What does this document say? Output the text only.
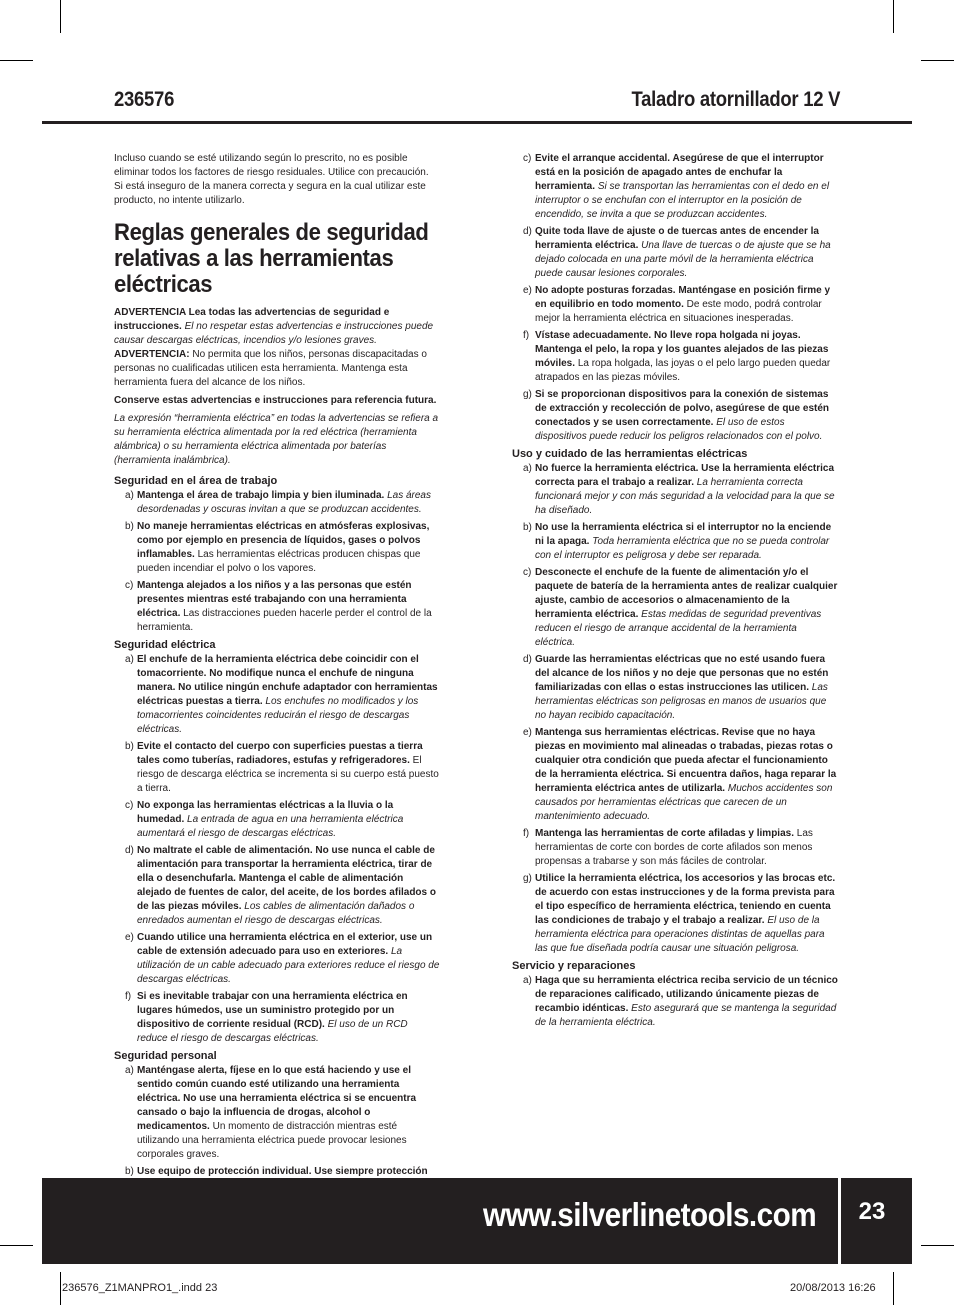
236576	Taladro atornillador 12 V

Incluso cuando se esté utilizando según lo prescrito, no es posible eliminar todos los factores de riesgo residuales. Utilice con precaución. Si está inseguro de la manera correcta y segura en la cual utilizar este producto, no intente utilizarlo.

Reglas generales de seguridad relativas a las herramientas eléctricas

ADVERTENCIA Lea todas las advertencias de seguridad e instrucciones. El no respetar estas advertencias e instrucciones puede causar descargas eléctricas, incendios y/o lesiones graves.

ADVERTENCIA: No permita que los niños, personas discapacitadas o personas no cualificadas utilicen esta herramienta. Mantenga esta herramienta fuera del alcance de los niños.

Conserve estas advertencias e instrucciones para referencia futura.

La expresión “herramienta eléctrica” en todas la advertencias se refiera a su herramienta eléctrica alimentada por la red eléctrica (herramienta alámbrica) o su herramienta eléctrica alimentada por baterías (herramienta inalámbrica).

Seguridad en el área de trabajo
a) Mantenga el área de trabajo limpia y bien iluminada. Las áreas desordenadas y oscuras invitan a que se produzcan accidentes.
b) No maneje herramientas eléctricas en atmósferas explosivas, como por ejemplo en presencia de líquidos, gases o polvos inflamables. Las herramientas eléctricas producen chispas que pueden incendiar el polvo o los vapores.
c) Mantenga alejados a los niños y a las personas que estén presentes mientras esté trabajando con una herramienta eléctrica. Las distracciones pueden hacerle perder el control de la herramienta.
Seguridad eléctrica
a) El enchufe de la herramienta eléctrica debe coincidir con el tomacorriente. No modifique nunca el enchufe de ninguna manera. No utilice ningún enchufe adaptador con herramientas eléctricas puestas a tierra. Los enchufes no modificados y los tomacorrientes coincidentes reducirán el riesgo de descargas eléctricas.
b) Evite el contacto del cuerpo con superficies puestas a tierra tales como tuberías, radiadores, estufas y refrigeradores. El riesgo de descarga eléctrica se incrementa si su cuerpo está puesto a tierra.
c) No exponga las herramientas eléctricas a la lluvia o la humedad. La entrada de agua en una herramienta eléctrica aumentará el riesgo de descargas eléctricas.
d) No maltrate el cable de alimentación. No use nunca el cable de alimentación para transportar la herramienta eléctrica, tirar de ella o desenchufarla. Mantenga el cable de alimentación alejado de fuentes de calor, del aceite, de los bordes afilados o de las piezas móviles. Los cables de alimentación dañados o enredados aumentan el riesgo de descargas eléctricas.
e) Cuando utilice una herramienta eléctrica en el exterior, use un cable de extensión adecuado para uso en exteriores. La utilización de un cable adecuado para exteriores reduce el riesgo de descargas eléctricas.
f) Si es inevitable trabajar con una herramienta eléctrica en lugares húmedos, use un suministro protegido por un dispositivo de corriente residual (RCD). El uso de un RCD reduce el riesgo de descargas eléctricas.
Seguridad personal
a) Manténgase alerta, fíjese en lo que está haciendo y use el sentido común cuando esté utilizando una herramienta eléctrica. No use una herramienta eléctrica si se encuentra cansado o bajo la influencia de drogas, alcohol o medicamentos. Un momento de distracción mientras esté utilizando una herramienta eléctrica puede provocar lesiones corporales graves.
b) Use equipo de protección individual. Use siempre protección
c) Evite el arranque accidental. Asegúrese de que el interruptor está en la posición de apagado antes de enchufar la herramienta. Si se transportan las herramientas con el dedo en el interruptor o se enchufan con el interruptor en la posición de encendido, se invita a que se produzcan accidentes.
d) Quite toda llave de ajuste o de tuercas antes de encender la herramienta eléctrica. Una llave de tuercas o de ajuste que se ha dejado colocada en una parte móvil de la herramienta eléctrica puede causar lesiones corporales.
e) No adopte posturas forzadas. Manténgase en posición firme y en equilibrio en todo momento. De este modo, podrá controlar mejor la herramienta eléctrica en situaciones inesperadas.
f) Vístase adecuadamente. No lleve ropa holgada ni joyas. Mantenga el pelo, la ropa y los guantes alejados de las piezas móviles. La ropa holgada, las joyas o el pelo largo pueden quedar atrapados en las piezas móviles.
g) Si se proporcionan dispositivos para la conexión de sistemas de extracción y recolección de polvo, asegúrese de que estén conectados y se usen correctamente. El uso de estos dispositivos puede reducir los peligros relacionados con el polvo.
Uso y cuidado de las herramientas eléctricas
a) No fuerce la herramienta eléctrica. Use la herramienta eléctrica correcta para el trabajo a realizar. La herramienta correcta funcionará mejor y con más seguridad a la velocidad para la que se ha diseñado.
b) No use la herramienta eléctrica si el interruptor no la enciende ni la apaga. Toda herramienta eléctrica que no se pueda controlar con el interruptor es peligrosa y debe ser reparada.
c) Desconecte el enchufe de la fuente de alimentación y/o el paquete de batería de la herramienta antes de realizar cualquier ajuste, cambio de accesorios o almacenamiento de la herramienta eléctrica. Estas medidas de seguridad preventivas reducen el riesgo de arranque accidental de la herramienta eléctrica.
d) Guarde las herramientas eléctricas que no esté usando fuera del alcance de los niños y no deje que personas que no estén familiarizadas con ellas o estas instrucciones las utilicen. Las herramientas eléctricas son peligrosas en manos de usuarios que no hayan recibido capacitación.
e) Mantenga sus herramientas eléctricas. Revise que no haya piezas en movimiento mal alineadas o trabadas, piezas rotas o cualquier otra condición que pueda afectar el funcionamiento de la herramienta eléctrica. Si encuentra daños, haga reparar la herramienta eléctrica antes de utilizarla. Muchos accidentes son causados por herramientas eléctricas que carecen de un mantenimiento adecuado.
f) Mantenga las herramientas de corte afiladas y limpias. Las herramientas de corte con bordes de corte afilados son menos propensas a trabarse y son más fáciles de controlar.
g) Utilice la herramienta eléctrica, los accesorios y las brocas etc. de acuerdo con estas instrucciones y de la forma prevista para el tipo específico de herramienta eléctrica, teniendo en cuenta las condiciones de trabajo y el trabajo a realizar. El uso de la herramienta eléctrica para operaciones distintas de aquellas para las que fue diseñada podría causar une situación peligrosa.
Servicio y reparaciones
a) Haga que su herramienta eléctrica reciba servicio de un técnico de reparaciones calificado, utilizando únicamente piezas de recambio idénticas. Esto asegurará que se mantenga la seguridad de la herramienta eléctrica.
www.silverlinetools.com	23
236576_Z1MANPRO1_.indd 23	20/08/2013 16:26
